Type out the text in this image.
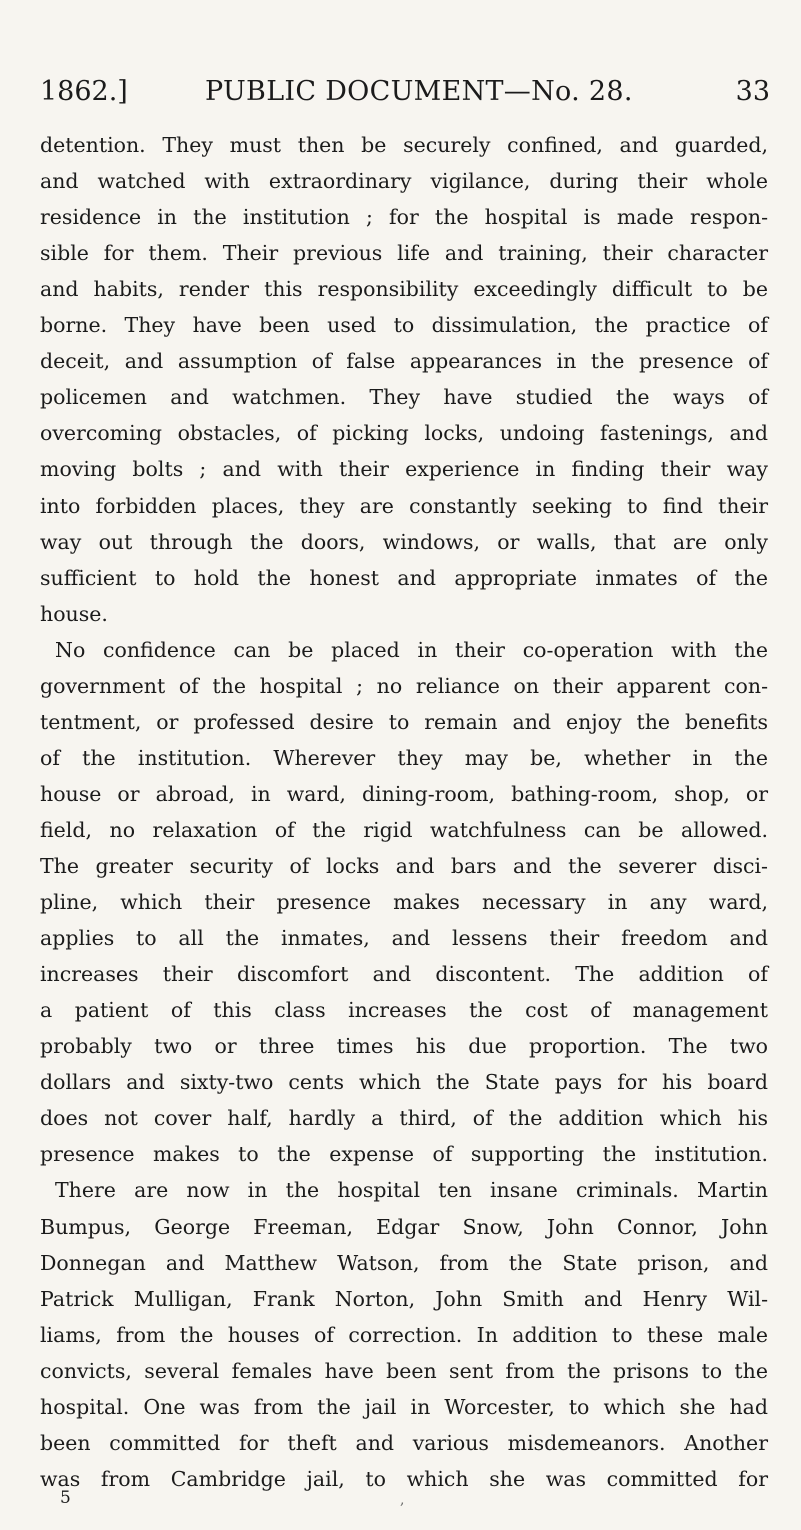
1862.]	PUBLIC DOCUMENT—No. 28.	33
detention. They must then be securely confined, and guarded,
and watched with extraordinary vigilance, during their whole
residence in the institution ; for the hospital is made respon-
sible for them. Their previous life and training, their character
and habits, render this responsibility exceedingly difficult to be
borne. They have been used to dissimulation, the practice of
deceit, and assumption of false appearances in the presence of
policemen and watchmen. They have studied the ways of
overcoming obstacles, of picking locks, undoing fastenings, and
moving bolts ; and with their experience in finding their way
into forbidden places, they are constantly seeking to find their
way out through the doors, windows, or walls, that are only
sufficient to hold the honest and appropriate inmates of the
house.
No confidence can be placed in their co-operation with the
government of the hospital ; no reliance on their apparent con-
tentment, or professed desire to remain and enjoy the benefits
of the institution. Wherever they may be, whether in the
house or abroad, in ward, dining-room, bathing-room, shop, or
field, no relaxation of the rigid watchfulness can be allowed.
The greater security of locks and bars and the severer disci-
pline, which their presence makes necessary in any ward,
applies to all the inmates, and lessens their freedom and
increases their discomfort and discontent. The addition of
a patient of this class increases the cost of management
probably two or three times his due proportion. The two
dollars and sixty-two cents which the State pays for his board
does not cover half, hardly a third, of the addition which his
presence makes to the expense of supporting the institution.
There are now in the hospital ten insane criminals. Martin
Bumpus, George Freeman, Edgar Snow, John Connor, John
Donnegan and Matthew Watson, from the State prison, and
Patrick Mulligan, Frank Norton, John Smith and Henry Wil-
liams, from the houses of correction. In addition to these male
convicts, several females have been sent from the prisons to the
hospital. One was from the jail in Worcester, to which she had
been committed for theft and various misdemeanors. Another
was from Cambridge jail, to which she was committed for
5	,
